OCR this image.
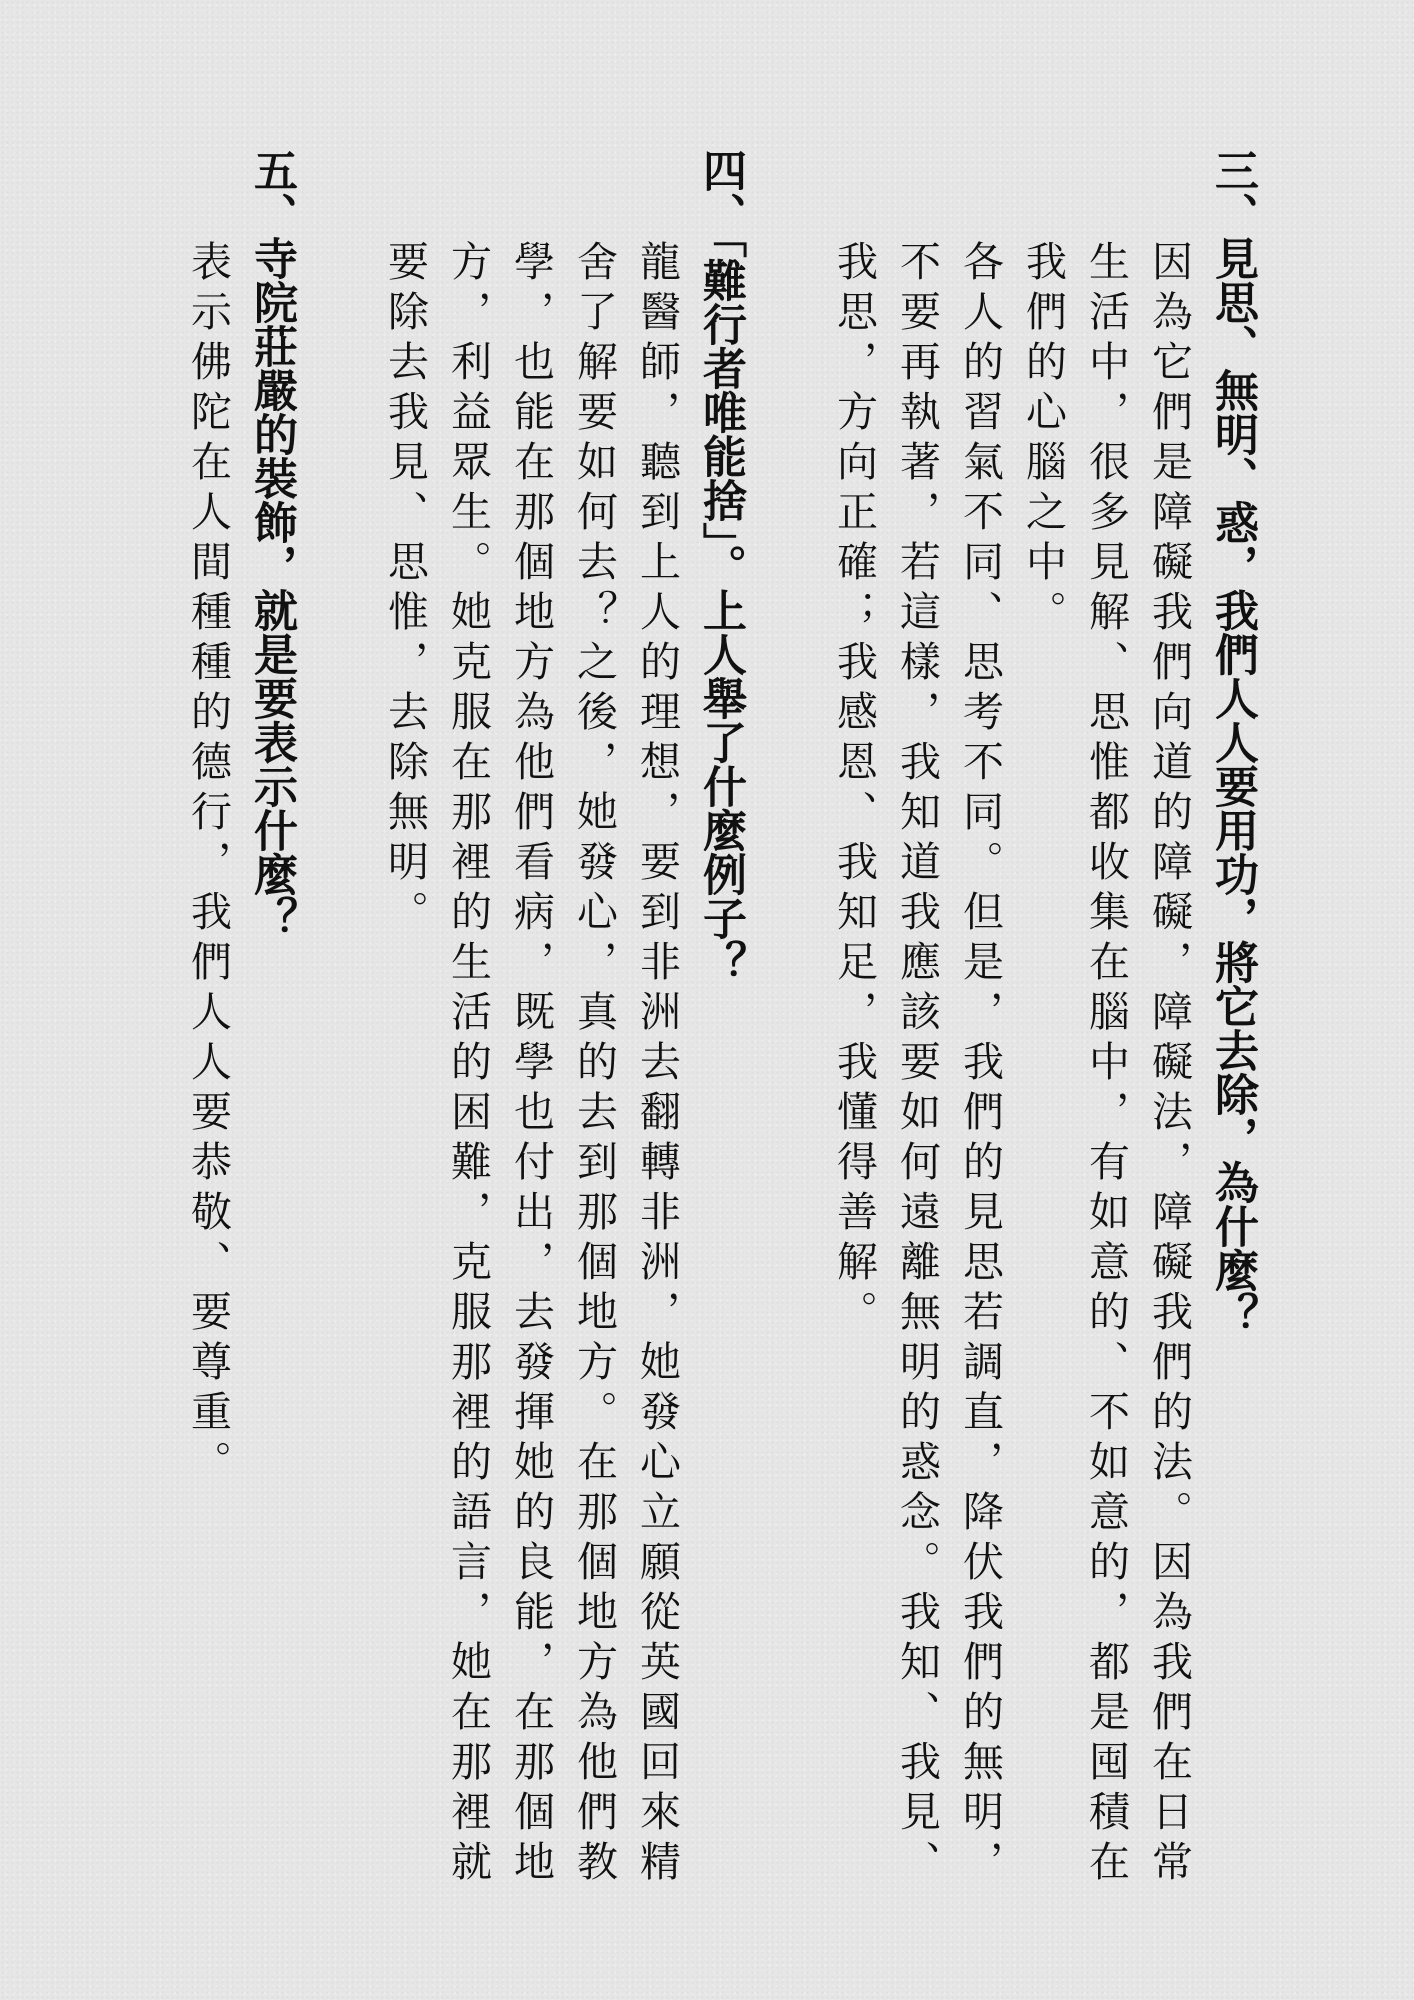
三、見思、無明、惑，我們人人要用功，將它去除，為什麼？

因為它們是障礙我們向道的障礙，障礙法，障礙我們的法。因為我們在日常生活中，很多見解、思惟都收集在腦中，有如意的、不如意的，都是囤積在我們的心腦之中。

各人的習氣不同、思考不同。但是，我們的見思若調直，降伏我們的無明，不要再執著，若這樣，我知道我應該要如何遠離無明的惑念。我知、我見、我思，方向正確；我感恩、我知足，我懂得善解。

四、「難行者唯能捨」。上人舉了什麼例子？

龍醫師，聽到上人的理想，要到非洲去翻轉非洲，她發心立願從英國回來精舍了解要如何去？之後，她發心，真的去到那個地方。在那個地方為他們教學，也能在那個地方為他們看病，既學也付出，去發揮她的良能，在那個地方，利益眾生。她克服在那裡的生活的困難，克服那裡的語言，她在那裡就要除去我見、思惟，去除無明。

五、寺院莊嚴的裝飾，就是要表示什麼？

表示佛陀在人間種種的德行，我們人人要恭敬、要尊重。
